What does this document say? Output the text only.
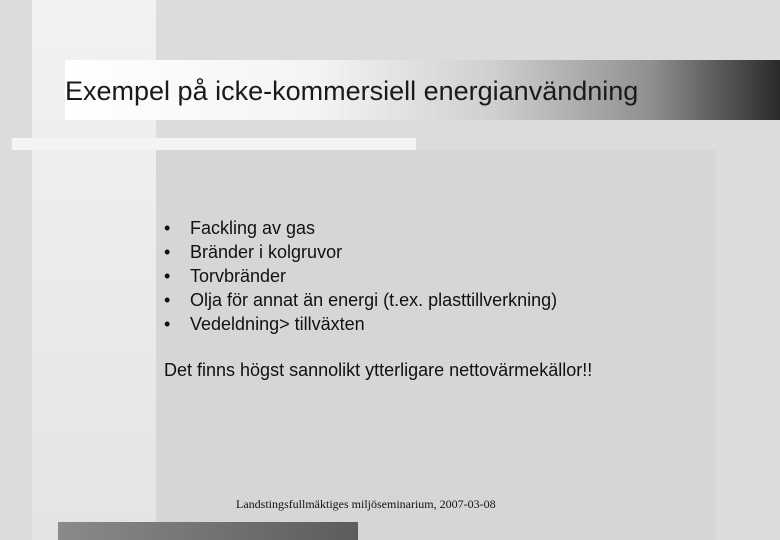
Exempel på icke-kommersiell energianvändning
• Fackling av gas
• Bränder i kolgruvor
• Torvbränder
• Olja för annat än energi (t.ex. plasttillverkning)
• Vedeldning> tillväxten

Det finns högst sannolikt ytterligare nettovärmekällor!!

Landstingsfullmäktiges miljöseminarium, 2007-03-08
